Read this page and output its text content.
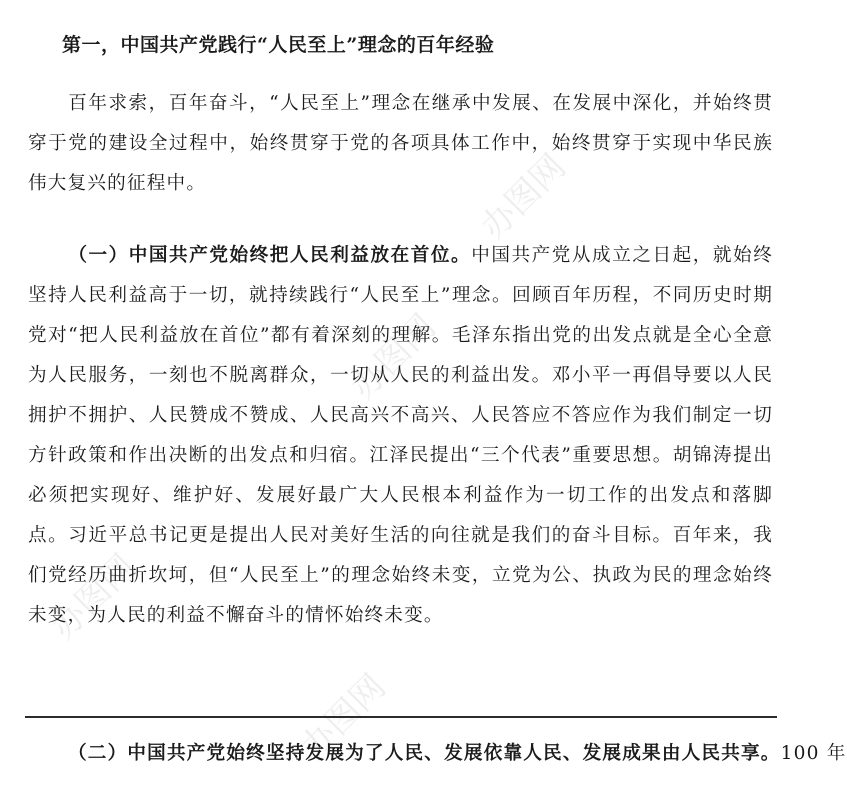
办图网
办图网
办图网
办图网
第一，中国共产党践行“人民至上”理念的百年经验

百年求索，百年奋斗，“人民至上”理念在继承中发展、在发展中深化，并始终贯穿于党的建设全过程中，始终贯穿于党的各项具体工作中，始终贯穿于实现中华民族伟大复兴的征程中。

（一）中国共产党始终把人民利益放在首位。中国共产党从成立之日起，就始终坚持人民利益高于一切，就持续践行“人民至上”理念。回顾百年历程，不同历史时期党对“把人民利益放在首位”都有着深刻的理解。毛泽东指出党的出发点就是全心全意为人民服务，一刻也不脱离群众，一切从人民的利益出发。邓小平一再倡导要以人民拥护不拥护、人民赞成不赞成、人民高兴不高兴、人民答应不答应作为我们制定一切方针政策和作出决断的出发点和归宿。江泽民提出“三个代表”重要思想。胡锦涛提出必须把实现好、维护好、发展好最广大人民根本利益作为一切工作的出发点和落脚点。习近平总书记更是提出人民对美好生活的向往就是我们的奋斗目标。百年来，我们党经历曲折坎坷，但“人民至上”的理念始终未变，立党为公、执政为民的理念始终未变，为人民的利益不懈奋斗的情怀始终未变。

（二）中国共产党始终坚持发展为了人民、发展依靠人民、发展成果由人民共享。100 年
